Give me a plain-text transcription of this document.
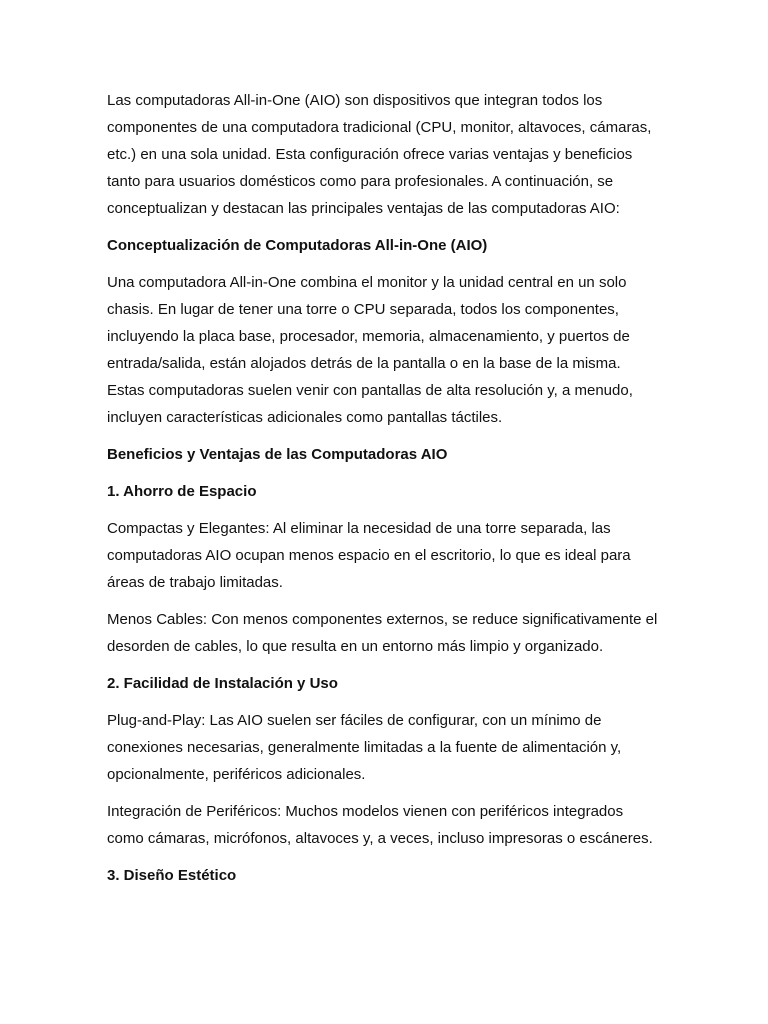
Las computadoras All-in-One (AIO) son dispositivos que integran todos los
componentes de una computadora tradicional (CPU, monitor, altavoces, cámaras,
etc.) en una sola unidad. Esta configuración ofrece varias ventajas y beneficios
tanto para usuarios domésticos como para profesionales. A continuación, se
conceptualizan y destacan las principales ventajas de las computadoras AIO:
Conceptualización de Computadoras All-in-One (AIO)
Una computadora All-in-One combina el monitor y la unidad central en un solo
chasis. En lugar de tener una torre o CPU separada, todos los componentes,
incluyendo la placa base, procesador, memoria, almacenamiento, y puertos de
entrada/salida, están alojados detrás de la pantalla o en la base de la misma.
Estas computadoras suelen venir con pantallas de alta resolución y, a menudo,
incluyen características adicionales como pantallas táctiles.
Beneficios y Ventajas de las Computadoras AIO
1. Ahorro de Espacio
Compactas y Elegantes: Al eliminar la necesidad de una torre separada, las
computadoras AIO ocupan menos espacio en el escritorio, lo que es ideal para
áreas de trabajo limitadas.
Menos Cables: Con menos componentes externos, se reduce significativamente el
desorden de cables, lo que resulta en un entorno más limpio y organizado.
2. Facilidad de Instalación y Uso
Plug-and-Play: Las AIO suelen ser fáciles de configurar, con un mínimo de
conexiones necesarias, generalmente limitadas a la fuente de alimentación y,
opcionalmente, periféricos adicionales.
Integración de Periféricos: Muchos modelos vienen con periféricos integrados
como cámaras, micrófonos, altavoces y, a veces, incluso impresoras o escáneres.
3. Diseño Estético
